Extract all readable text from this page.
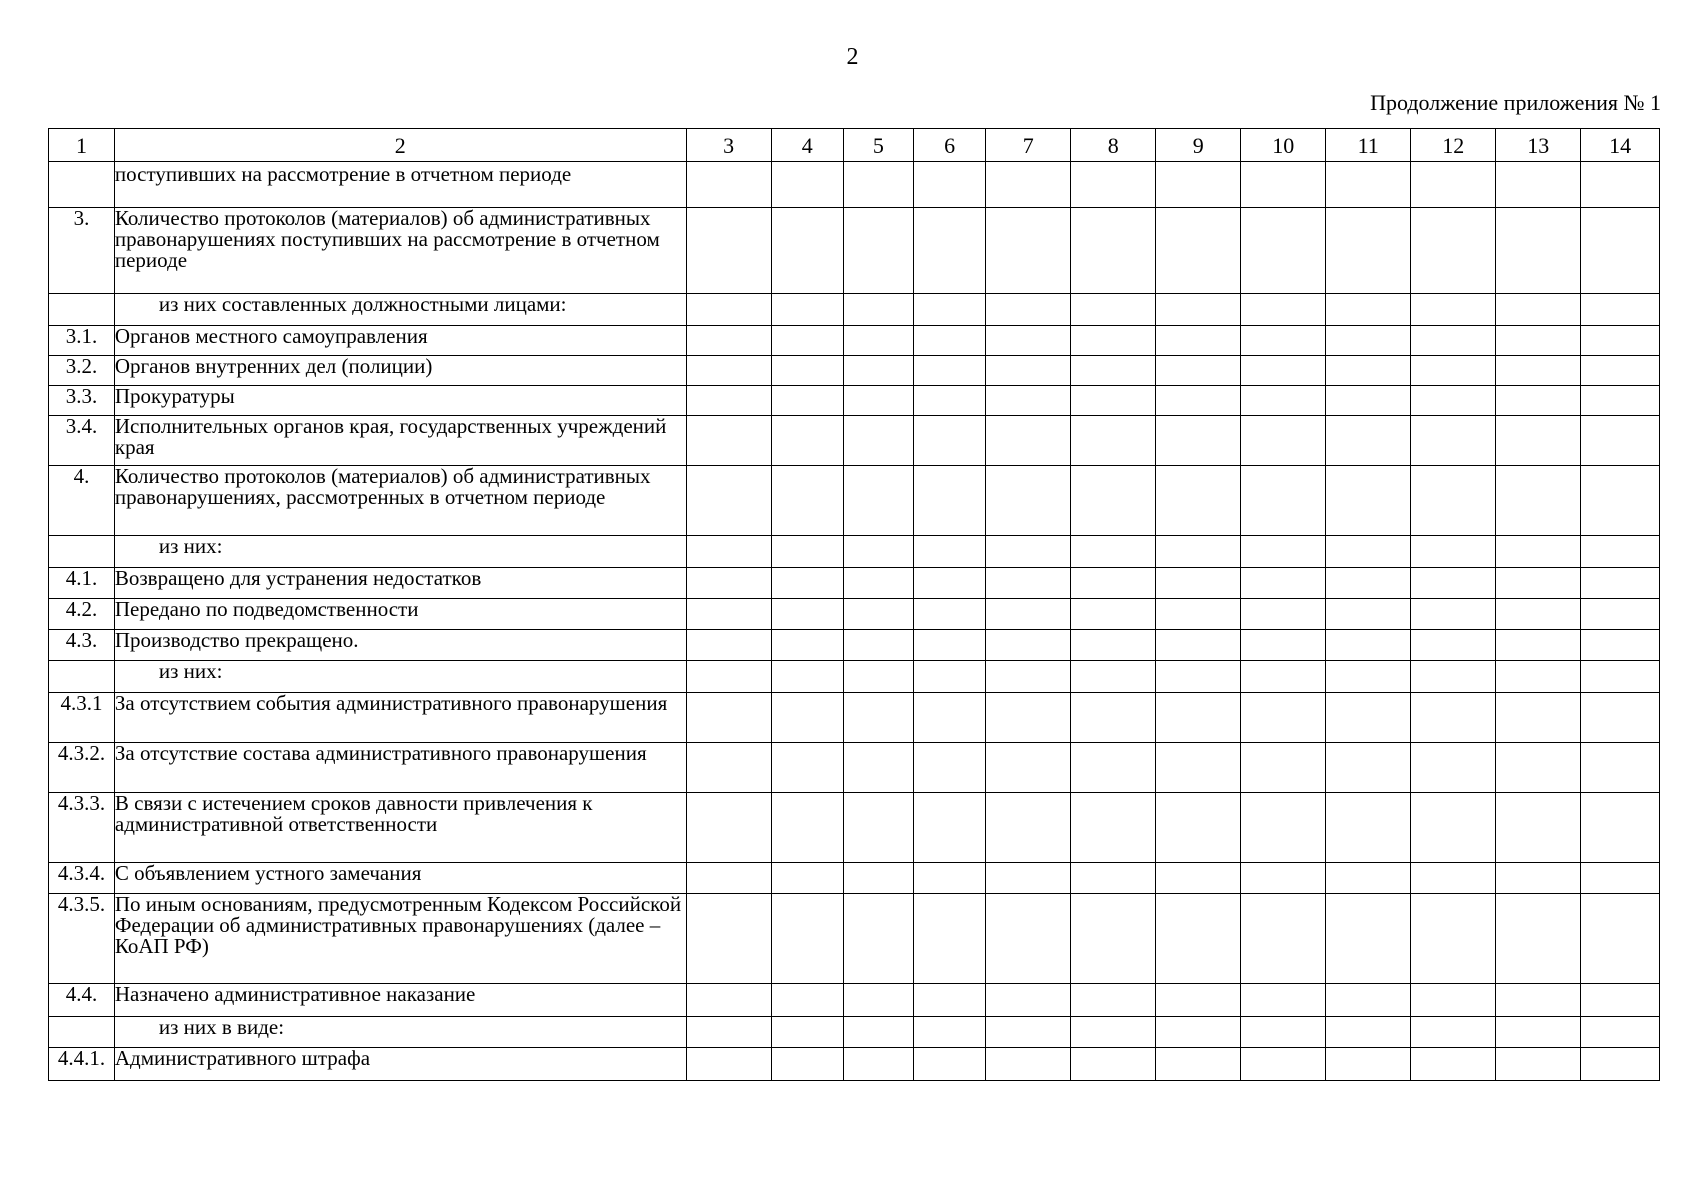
2
Продолжение приложения № 1
1	2	3	4	5	6	7	8	9	10	11	12	13	14
	поступивших на рассмотрение в отчетном периоде												
3.	Количество протоколов (материалов) об административных правонарушениях поступивших на рассмотрение в отчетном периоде												
	из них составленных должностными лицами:												
3.1.	Органов местного самоуправления												
3.2.	Органов внутренних дел (полиции)												
3.3.	Прокуратуры												
3.4.	Исполнительных органов края, государственных учреждений края												
4.	Количество протоколов (материалов) об административных правонарушениях, рассмотренных в отчетном периоде												
	из них:												
4.1.	Возвращено для устранения недостатков												
4.2.	Передано по подведомственности												
4.3.	Производство прекращено.												
	из них:												
4.3.1	За отсутствием события административного правонарушения												
4.3.2.	За отсутствие состава административного правонарушения												
4.3.3.	В связи с истечением сроков давности привлечения к административной ответственности												
4.3.4.	С объявлением устного замечания												
4.3.5.	По иным основаниям, предусмотренным Кодексом Российской Федерации об административных правонарушениях (далее – КоАП РФ)												
4.4.	Назначено административное наказание												
	из них в виде:												
4.4.1.	Административного штрафа												
